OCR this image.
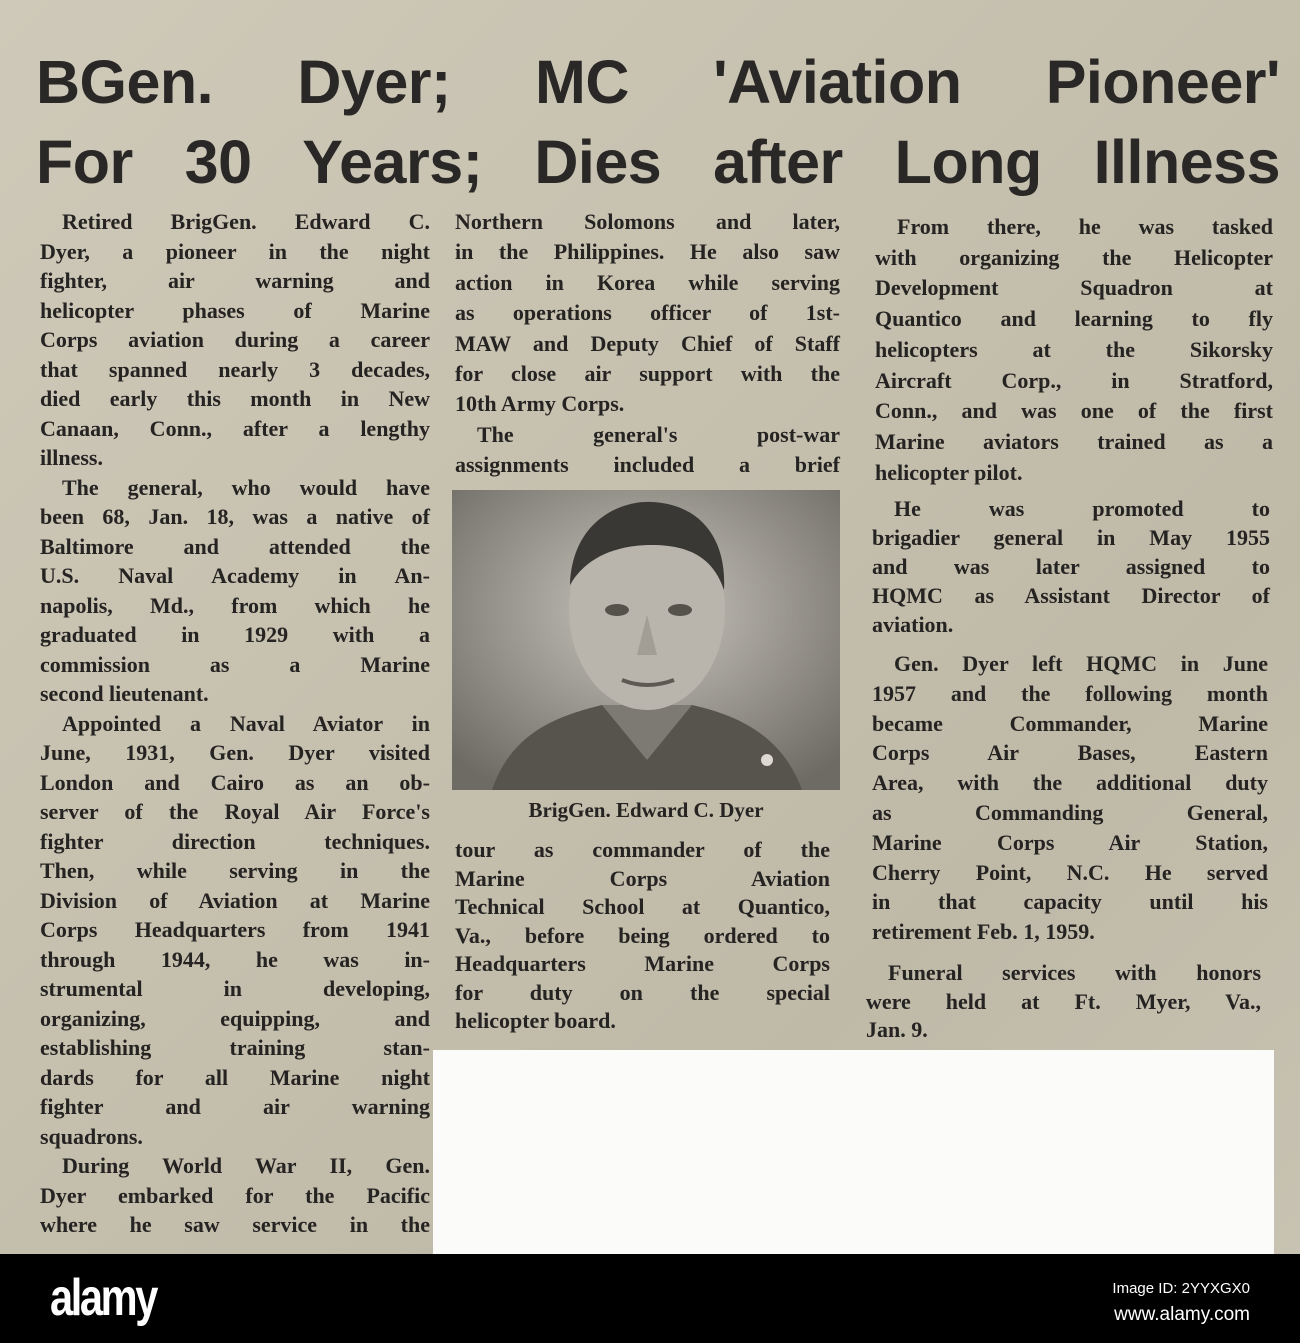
BGen. Dyer; MC 'Aviation Pioneer'
For 30 Years; Dies after Long Illness
Retired BrigGen. Edward C.
Dyer, a pioneer in the night
fighter, air warning and
helicopter phases of Marine
Corps aviation during a career
that spanned nearly 3 decades,
died early this month in New
Canaan, Conn., after a lengthy
illness.
The general, who would have
been 68, Jan. 18, was a native of
Baltimore and attended the
U.S. Naval Academy in An-
napolis, Md., from which he
graduated in 1929 with a
commission as a Marine
second lieutenant.
Appointed a Naval Aviator in
June, 1931, Gen. Dyer visited
London and Cairo as an ob-
server of the Royal Air Force's
fighter direction techniques.
Then, while serving in the
Division of Aviation at Marine
Corps Headquarters from 1941
through 1944, he was in-
strumental in developing,
organizing, equipping, and
establishing training stan-
dards for all Marine night
fighter and air warning
squadrons.
During World War II, Gen.
Dyer embarked for the Pacific
where he saw service in the
Northern Solomons and later,
in the Philippines. He also saw
action in Korea while serving
as operations officer of 1st-
MAW and Deputy Chief of Staff
for close air support with the
10th Army Corps.
The general's post-war
assignments included a brief
BrigGen. Edward C. Dyer
tour as commander of the
Marine Corps Aviation
Technical School at Quantico,
Va., before being ordered to
Headquarters Marine Corps
for duty on the special
helicopter board.
From there, he was tasked
with organizing the Helicopter
Development Squadron at
Quantico and learning to fly
helicopters at the Sikorsky
Aircraft Corp., in Stratford,
Conn., and was one of the first
Marine aviators trained as a
helicopter pilot.
He was promoted to
brigadier general in May 1955
and was later assigned to
HQMC as Assistant Director of
aviation.
Gen. Dyer left HQMC in June
1957 and the following month
became Commander, Marine
Corps Air Bases, Eastern
Area, with the additional duty
as Commanding General,
Marine Corps Air Station,
Cherry Point, N.C. He served
in that capacity until his
retirement Feb. 1, 1959.
Funeral services with honors
were held at Ft. Myer, Va.,
Jan. 9.
alamy	Image ID: 2YYXGX0
www.alamy.com
